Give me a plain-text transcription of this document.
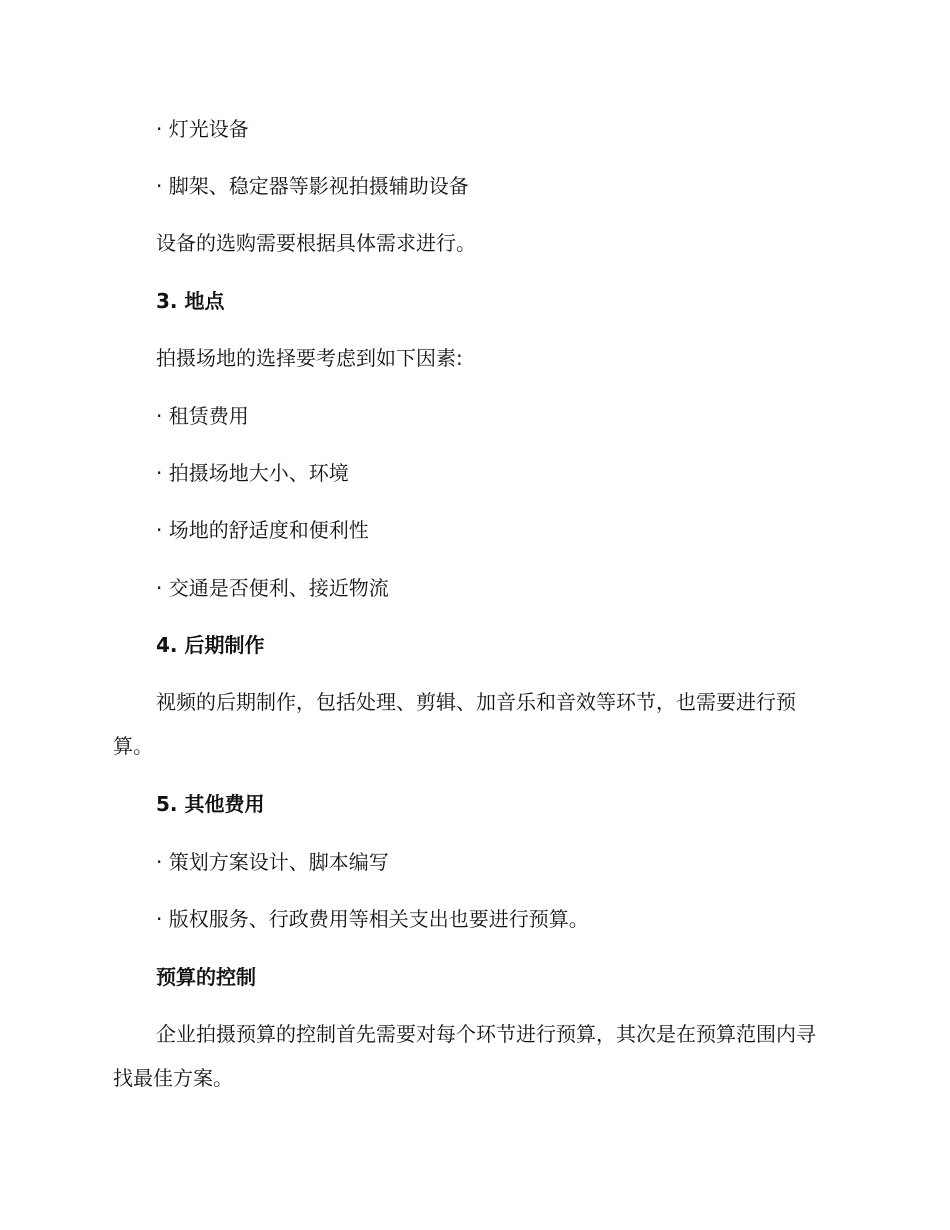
· 灯光设备

· 脚架、稳定器等影视拍摄辅助设备

设备的选购需要根据具体需求进行。

3. 地点

拍摄场地的选择要考虑到如下因素:

· 租赁费用

· 拍摄场地大小、环境

· 场地的舒适度和便利性

· 交通是否便利、接近物流

4. 后期制作

视频的后期制作，包括处理、剪辑、加音乐和音效等环节，也需要进行预算。

5. 其他费用

· 策划方案设计、脚本编写

· 版权服务、行政费用等相关支出也要进行预算。

预算的控制

企业拍摄预算的控制首先需要对每个环节进行预算，其次是在预算范围内寻找最佳方案。
